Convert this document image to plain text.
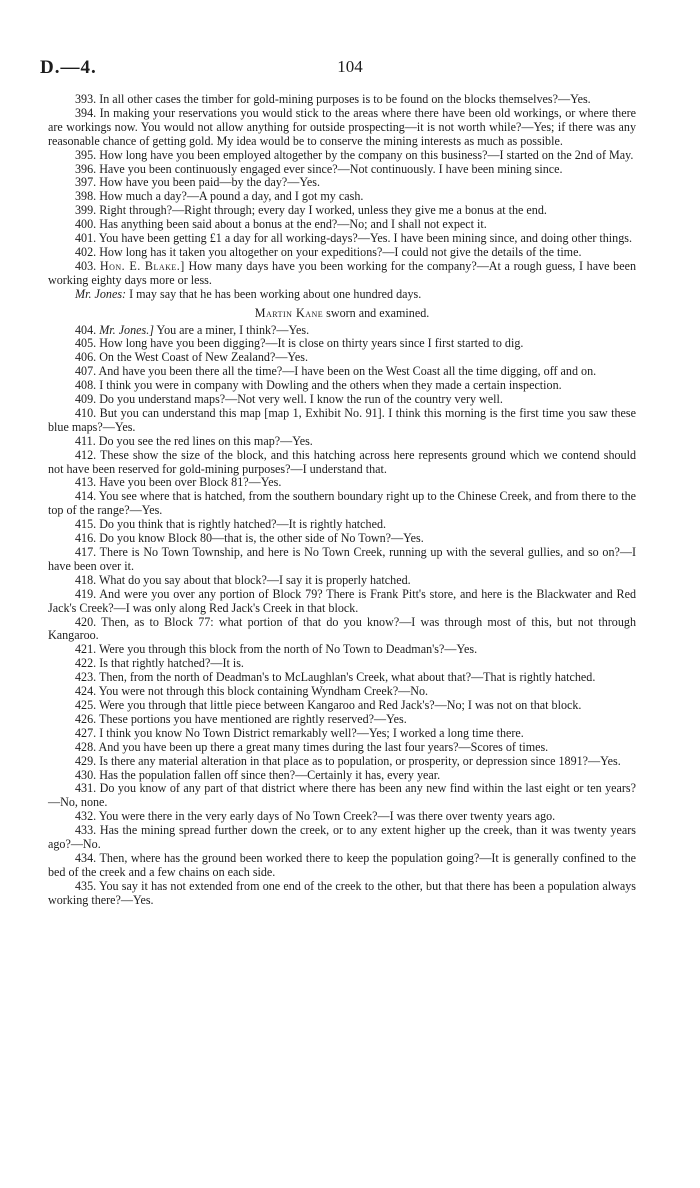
D.—4.	104

393. In all other cases the timber for gold-mining purposes is to be found on the blocks themselves?—Yes.

394. In making your reservations you would stick to the areas where there have been old workings, or where there are workings now. You would not allow anything for outside prospecting—it is not worth while?—Yes; if there was any reasonable chance of getting gold. My idea would be to conserve the mining interests as much as possible.

395. How long have you been employed altogether by the company on this business?—I started on the 2nd of May.

396. Have you been continuously engaged ever since?—Not continuously. I have been mining since.

397. How have you been paid—by the day?—Yes.

398. How much a day?—A pound a day, and I got my cash.

399. Right through?—Right through; every day I worked, unless they give me a bonus at the end.

400. Has anything been said about a bonus at the end?—No; and I shall not expect it.

401. You have been getting £1 a day for all working-days?—Yes. I have been mining since, and doing other things.

402. How long has it taken you altogether on your expeditions?—I could not give the details of the time.

403. Hon. E. Blake.] How many days have you been working for the company?—At a rough guess, I have been working eighty days more or less.

Mr. Jones: I may say that he has been working about one hundred days.

Martin Kane sworn and examined.

404. Mr. Jones.] You are a miner, I think?—Yes.

405. How long have you been digging?—It is close on thirty years since I first started to dig.

406. On the West Coast of New Zealand?—Yes.

407. And have you been there all the time?—I have been on the West Coast all the time digging, off and on.

408. I think you were in company with Dowling and the others when they made a certain inspection.

409. Do you understand maps?—Not very well. I know the run of the country very well.

410. But you can understand this map [map 1, Exhibit No. 91]. I think this morning is the first time you saw these blue maps?—Yes.

411. Do you see the red lines on this map?—Yes.

412. These show the size of the block, and this hatching across here represents ground which we contend should not have been reserved for gold-mining purposes?—I understand that.

413. Have you been over Block 81?—Yes.

414. You see where that is hatched, from the southern boundary right up to the Chinese Creek, and from there to the top of the range?—Yes.

415. Do you think that is rightly hatched?—It is rightly hatched.

416. Do you know Block 80—that is, the other side of No Town?—Yes.

417. There is No Town Township, and here is No Town Creek, running up with the several gullies, and so on?—I have been over it.

418. What do you say about that block?—I say it is properly hatched.

419. And were you over any portion of Block 79? There is Frank Pitt's store, and here is the Blackwater and Red Jack's Creek?—I was only along Red Jack's Creek in that block.

420. Then, as to Block 77: what portion of that do you know?—I was through most of this, but not through Kangaroo.

421. Were you through this block from the north of No Town to Deadman's?—Yes.

422. Is that rightly hatched?—It is.

423. Then, from the north of Deadman's to McLaughlan's Creek, what about that?—That is rightly hatched.

424. You were not through this block containing Wyndham Creek?—No.

425. Were you through that little piece between Kangaroo and Red Jack's?—No; I was not on that block.

426. These portions you have mentioned are rightly reserved?—Yes.

427. I think you know No Town District remarkably well?—Yes; I worked a long time there.

428. And you have been up there a great many times during the last four years?—Scores of times.

429. Is there any material alteration in that place as to population, or prosperity, or depression since 1891?—Yes.

430. Has the population fallen off since then?—Certainly it has, every year.

431. Do you know of any part of that district where there has been any new find within the last eight or ten years?—No, none.

432. You were there in the very early days of No Town Creek?—I was there over twenty years ago.

433. Has the mining spread further down the creek, or to any extent higher up the creek, than it was twenty years ago?—No.

434. Then, where has the ground been worked there to keep the population going?—It is generally confined to the bed of the creek and a few chains on each side.

435. You say it has not extended from one end of the creek to the other, but that there has been a population always working there?—Yes.
